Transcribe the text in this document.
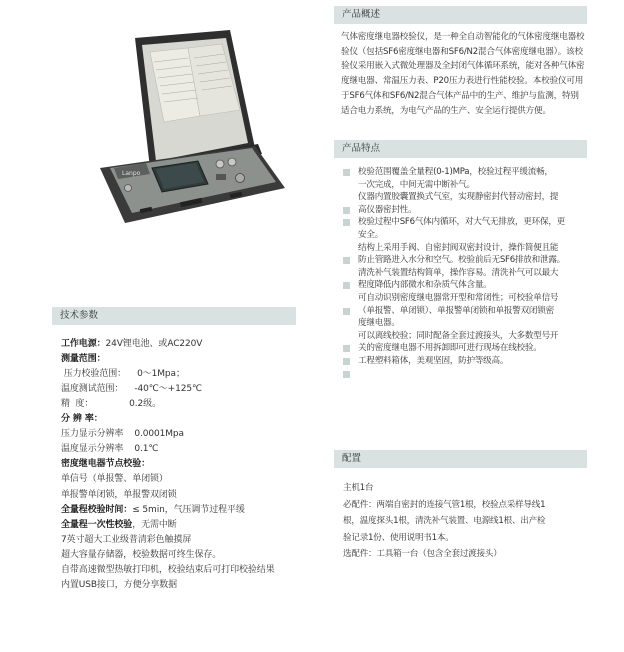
Lanpo
产品概述
气体密度继电器校验仪，是一种全自动智能化的气体密度继电器校验仪（包括SF6密度继电器和SF6/N2混合气体密度继电器）。该校验仪采用嵌入式微处理器及全封闭气体循环系统，能对各种气体密度继电器、常温压力表、P20压力表进行性能校验。本校验仪可用于SF6气体和SF6/N2混合气体产品中的生产、维护与监测，特别适合电力系统，为电气产品的生产、安全运行提供方便。
产品特点
校验范围覆盖全量程(0-1)MPa，校验过程平缓流畅，
一次完成，中间无需中断补气。
仪器内置胶囊置换式气室，实现静密封代替动密封，提
高仪器密封性。
校验过程中SF6气体内循环，对大气无排放，更环保，更
安全。
结构上采用手阀、自密封阀双密封设计，操作简便且能
防止管路进入水分和空气。校验前后无SF6排放和泄露。
清洗补气装置结构简单，操作容易。清洗补气可以最大
程度降低内部微水和杂质气体含量。
可自动识别密度继电器常开型和常闭性；可校验单信号
（单报警、单闭锁）、单报警单闭锁和单报警双闭锁密
度继电器。
可以离线校验；同时配备全套过渡接头，大多数型号开
关的密度继电器不用拆卸即可进行现场在线校验。
工程塑料箱体，美观坚固，防护等级高。
技术参数
工作电源：24V锂电池、或AC220V
测量范围：
压力校验范围：    0～1Mpa；
温度测试范围：    -40℃～+125℃
精  度：             0.2级。
分 辨 率：
压力显示分辨率    0.0001Mpa
温度显示分辨率    0.1℃
密度继电器节点校验：
单信号（单报警、单闭锁）
单报警单闭锁，单报警双闭锁
全量程校验时间：≤ 5min，气压调节过程平缓
全量程一次性校验，无需中断
7英寸超大工业级普清彩色触摸屏
超大容量存储器，校验数据可终生保存。
自带高速微型热敏打印机，校验结束后可打印校验结果
内置USB接口，方便分享数据
配置
主机1台
必配件：两端自密封的连接气管1根，校验点采样导线1
根，温度探头1根，清洗补气装置、电源线1根、出产检
验记录1份、使用说明书1本。
选配件：工具箱一台（包含全套过渡接头）
